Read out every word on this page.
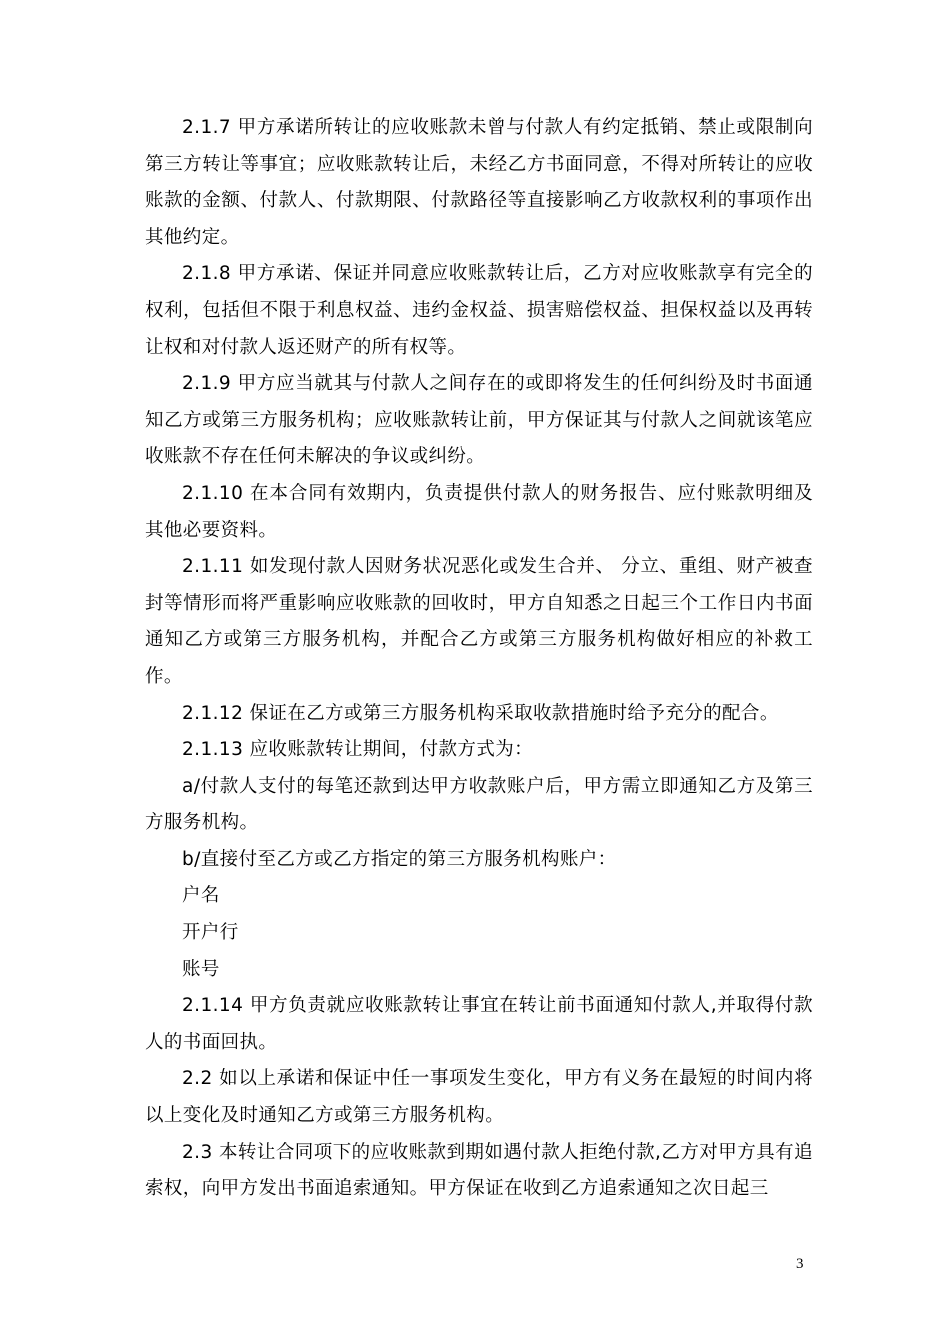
2.1.7 甲方承诺所转让的应收账款未曾与付款人有约定抵销、禁止或限制向第三方转让等事宜；应收账款转让后，未经乙方书面同意，不得对所转让的应收账款的金额、付款人、付款期限、付款路径等直接影响乙方收款权利的事项作出其他约定。

2.1.8 甲方承诺、保证并同意应收账款转让后，乙方对应收账款享有完全的权利，包括但不限于利息权益、违约金权益、损害赔偿权益、担保权益以及再转让权和对付款人返还财产的所有权等。

2.1.9 甲方应当就其与付款人之间存在的或即将发生的任何纠纷及时书面通知乙方或第三方服务机构；应收账款转让前，甲方保证其与付款人之间就该笔应收账款不存在任何未解决的争议或纠纷。

2.1.10 在本合同有效期内，负责提供付款人的财务报告、应付账款明细及其他必要资料。

2.1.11 如发现付款人因财务状况恶化或发生合并、 分立、重组、财产被查封等情形而将严重影响应收账款的回收时，甲方自知悉之日起三个工作日内书面通知乙方或第三方服务机构，并配合乙方或第三方服务机构做好相应的补救工作。

2.1.12 保证在乙方或第三方服务机构采取收款措施时给予充分的配合。

2.1.13 应收账款转让期间，付款方式为：

a/付款人支付的每笔还款到达甲方收款账户后，甲方需立即通知乙方及第三方服务机构。

b/直接付至乙方或乙方指定的第三方服务机构账户：

户名

开户行

账号

2.1.14 甲方负责就应收账款转让事宜在转让前书面通知付款人,并取得付款人的书面回执。

2.2 如以上承诺和保证中任一事项发生变化，甲方有义务在最短的时间内将以上变化及时通知乙方或第三方服务机构。

2.3 本转让合同项下的应收账款到期如遇付款人拒绝付款,乙方对甲方具有追索权，向甲方发出书面追索通知。甲方保证在收到乙方追索通知之次日起三

3
